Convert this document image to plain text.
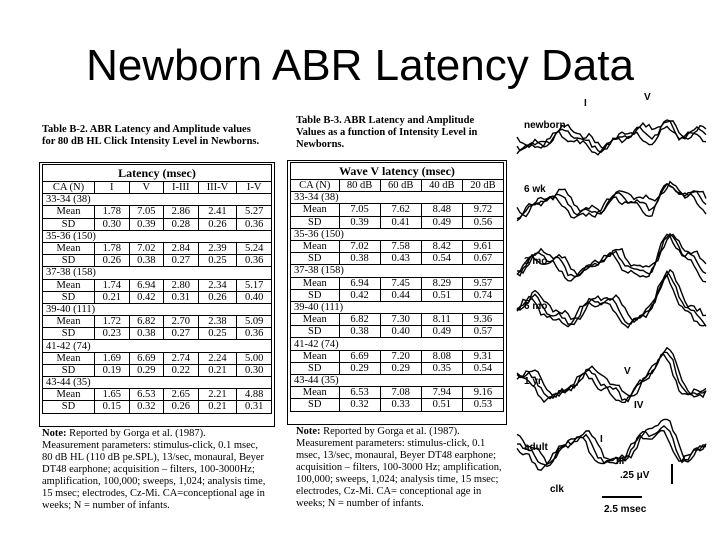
Newborn ABR Latency Data
Table B-2. ABR Latency and Amplitude values
for 80 dB HL Click Intensity Level in Newborns.
Latency (msec)					
CA (N)	I	V	I-III	III-V	I-V
33-34 (38)					
Mean	1.78	7.05	2.86	2.41	5.27
SD	0.30	0.39	0.28	0.26	0.36
35-36 (150)					
Mean	1.78	7.02	2.84	2.39	5.24
SD	0.26	0.38	0.27	0.25	0.36
37-38 (158)					
Mean	1.74	6.94	2.80	2.34	5.17
SD	0.21	0.42	0.31	0.26	0.40
39-40 (111)					
Mean	1.72	6.82	2.70	2.38	5.09
SD	0.23	0.38	0.27	0.25	0.36
41-42 (74)					
Mean	1.69	6.69	2.74	2.24	5.00
SD	0.19	0.29	0.22	0.21	0.30
43-44 (35)					
Mean	1.65	6.53	2.65	2.21	4.88
SD	0.15	0.32	0.26	0.21	0.31
Note: Reported by Gorga et al. (1987).
Measurement parameters: stimulus-click, 0.1 msec,
80 dB HL (110 dB pe.SPL), 13/sec, monaural, Beyer
DT48 earphone; acquisition – filters, 100-3000Hz;
amplification, 100,000; sweeps, 1,024; analysis time,
15 msec; electrodes, Cz-Mi. CA=conceptional age in
weeks; N = number of infants.
Table B-3. ABR Latency and Amplitude
Values as a function of Intensity Level in
Newborns.
Wave V latency (msec)				
CA (N)	80 dB	60 dB	40 dB	20 dB
33-34 (38)				
Mean	7.05	7.62	8.48	9.72
SD	0.39	0.41	0.49	0.56
35-36 (150)				
Mean	7.02	7.58	8.42	9.61
SD	0.38	0.43	0.54	0.67
37-38 (158)				
Mean	6.94	7.45	8.29	9.57
SD	0.42	0.44	0.51	0.74
39-40 (111)				
Mean	6.82	7.30	8.11	9.36
SD	0.38	0.40	0.49	0.57
41-42 (74)				
Mean	6.69	7.20	8.08	9.31
SD	0.29	0.29	0.35	0.54
43-44 (35)				
Mean	6.53	7.08	7.94	9.16
SD	0.32	0.33	0.51	0.53
Note: Reported by Gorga et al. (1987).
Measurement parameters: stimulus-click, 0.1
msec, 13/sec, monaural, Beyer DT48 earphone;
acquisition – filters, 100-3000 Hz; amplification,
100,000; sweeps, 1,024; analysis time, 15 msec;
electrodes, Cz-Mi. CA= conceptional age in
weeks; N = number of infants.
newborn
6 wk
3 mo
6 mo
1 yr
adult
I
V
V
IV
I
III
clk
.25 μV
2.5 msec
